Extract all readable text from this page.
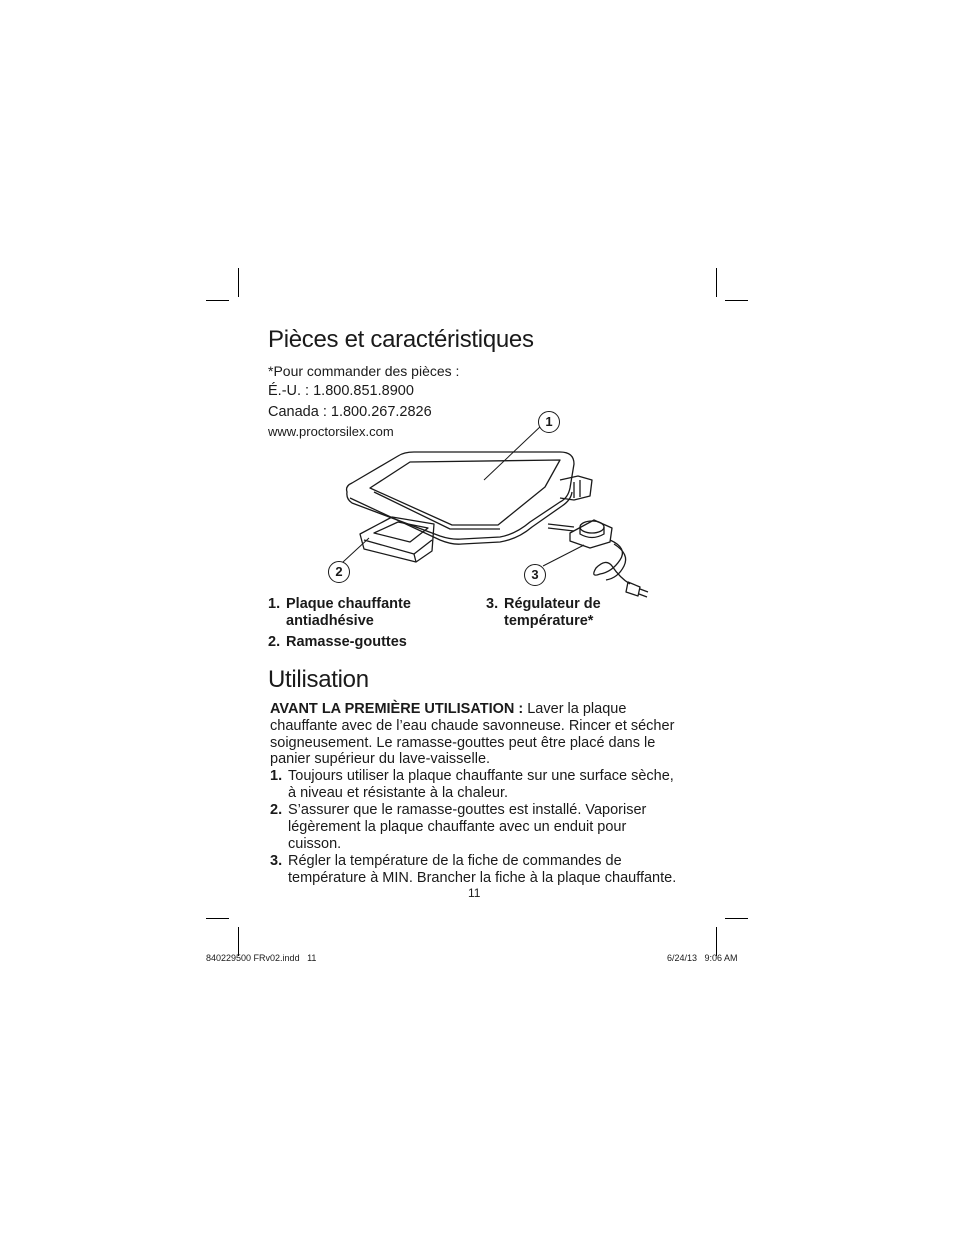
Pièces et caractéristiques
*Pour commander des pièces :
É.-U. : 1.800.851.8900
Canada : 1.800.267.2826
www.proctorsilex.com
1
2	3
1. Plaque chauffante
antiadhésive
2. Ramasse-gouttes
3. Régulateur de
température*
Utilisation
AVANT LA PREMIÈRE UTILISATION : Laver la plaque
chauffante avec de l’eau chaude savonneuse. Rincer et sécher
soigneusement. Le ramasse-gouttes peut être placé dans le
panier supérieur du lave-vaisselle.
1. Toujours utiliser la plaque chauffante sur une surface sèche,
à niveau et résistante à la chaleur.
2. S’assurer que le ramasse-gouttes est installé. Vaporiser
légèrement la plaque chauffante avec un enduit pour
cuisson.
3. Régler la température de la fiche de commandes de
température à MIN. Brancher la fiche à la plaque chauffante.
11
840229500 FRv02.indd   11	6/24/13   9:06 AM
